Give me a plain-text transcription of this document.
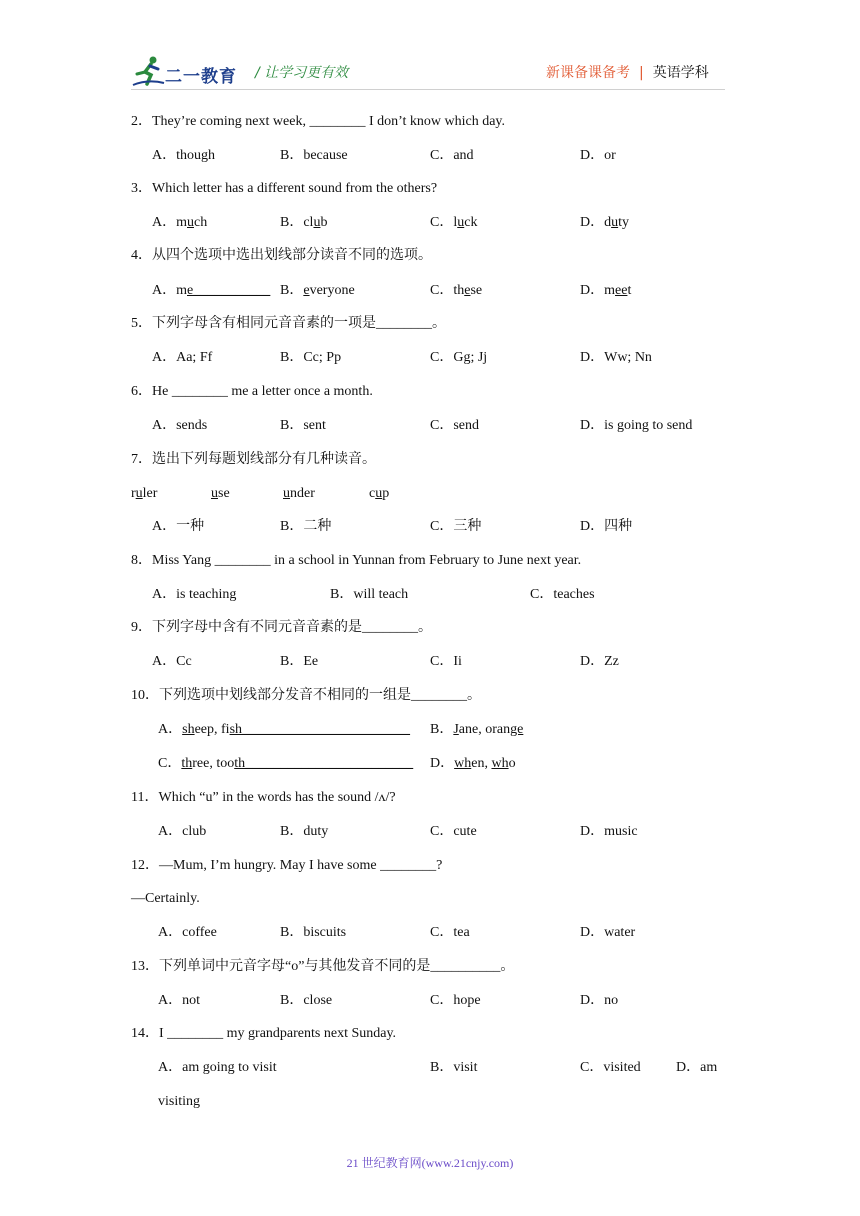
二一教育 / 让学习更有效	新课备课备考 | 英语学科
2．They’re coming next week, ________ I don’t know which day.
A．though	B．because	C．and	D．or
3．Which letter has a different sound from the others?
A．much	B．club	C．luck	D．duty
4．从四个选项中选出划线部分读音不同的选项。
A．me___________ B．everyone	C．these	D．meet
5．下列字母含有相同元音音素的一项是________。
A．Aa; Ff	B．Cc; Pp	C．Gg; Jj	D．Ww; Nn
6．He ________ me a letter once a month.
A．sends	B．sent	C．send	D．is going to send
7．选出下列每题划线部分有几种读音。
ruler	use	under	cup
A．一种	B．二种	C．三种	D．四种
8．Miss Yang ________ in a school in Yunnan from February to June next year.
A．is teaching	B．will teach	C．teaches
9．下列字母中含有不同元音音素的是________。
A．Cc	B．Ee	C．Ii	D．Zz
10．下列选项中划线部分发音不相同的一组是________。
A．sheep, fish________________________ B．Jane, orange
C．three, tooth________________________ D．when, who
11．Which “u” in the words has the sound /ʌ/?
A．club	B．duty	C．cute	D．music
12．—Mum, I’m hungry. May I have some ________?
—Certainly.
A．coffee	B．biscuits	C．tea	D．water
13．下列单词中元音字母“o”与其他发音不同的是__________。
A．not	B．close	C．hope	D．no
14．I ________ my grandparents next Sunday.
A．am going to visit	B．visit	C．visited	D．am
visiting
21 世纪教育网(www.21cnjy.com)
